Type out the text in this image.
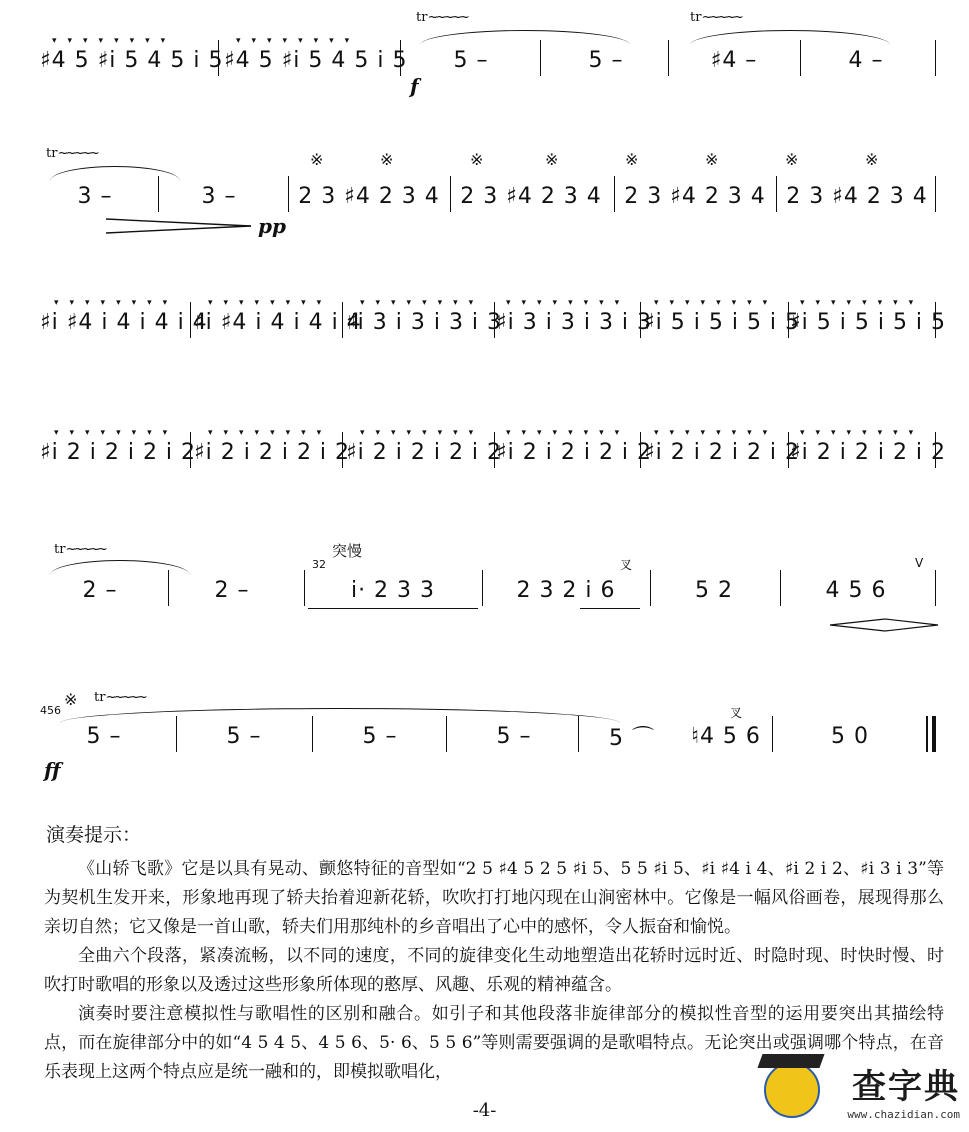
tr ~~~~~	tr ~~~~~
▾▾▾▾▾▾▾▾	▾▾▾▾▾▾▾▾
♯4 5 ♯i 5 4 5 i 5 ♯4 5 ♯i 5 4 5 i 5	5 –	5 –	♯4 –	4 –
f
tr ~~~~~	※	※	※	※	※	※	※	※
3 –	3 –	2 3 ♯4 2 3 4 2 3 ♯4 2 3 4 2 3 ♯4 2 3 4 2 3 ♯4 2 3 4
pp
▾▾▾▾▾▾▾▾	▾▾▾▾▾▾▾▾	▾▾▾▾▾▾▾▾ ▾▾▾▾▾▾▾▾	▾▾▾▾▾▾▾▾ ▾▾▾▾▾▾▾▾
♯i ♯4 i 4 i 4 i 4
♯i ♯4 i 4 i 4 i 4
♯i 3 i 3 i 3 i 3
♯i 3 i 3 i 3 i 3
♯i 5 i 5 i 5 i 5
♯i 5 i 5 i 5 i 5
▾▾▾▾▾▾▾▾	▾▾▾▾▾▾▾▾	▾▾▾▾▾▾▾▾ ▾▾▾▾▾▾▾▾	▾▾▾▾▾▾▾▾ ▾▾▾▾▾▾▾▾
♯i 2 i 2 i 2 i 2
♯i 2 i 2 i 2 i 2
♯i 2 i 2 i 2 i 2
♯i 2 i 2 i 2 i 2
♯i 2 i 2 i 2 i 2
♯i 2 i 2 i 2 i 2
tr ~~~~~	突慢
32	叉	V
2 –	2 –	i· 2 3 3	2 3 2 i 6	5 2	4 5 6
456
※ tr ~~~~~
叉
5 –	5 –	5 –	5 –	5 ⌒	♮4 5 6	5 0
ff
演奏提示：

《山轿飞歌》它是以具有晃动、颤悠特征的音型如“2 5 ♯4 5 2 5 ♯i 5、5 5 ♯i 5、♯i ♯4 i 4、♯i 2 i 2、♯i 3 i 3”等为契机生发开来，形象地再现了轿夫抬着迎新花轿，吹吹打打地闪现在山涧密林中。它像是一幅风俗画卷，展现得那么亲切自然；它又像是一首山歌，轿夫们用那纯朴的乡音唱出了心中的感怀，令人振奋和愉悦。

全曲六个段落，紧凑流畅，以不同的速度，不同的旋律变化生动地塑造出花轿时远时近、时隐时现、时快时慢、时吹打时歌唱的形象以及透过这些形象所体现的憨厚、风趣、乐观的精神蕴含。

演奏时要注意模拟性与歌唱性的区别和融合。如引子和其他段落非旋律部分的模拟性音型的运用要突出其描绘特点，而在旋律部分中的如“4 5 4 5、4 5 6、5· 6、5 5 6”等则需要强调的是歌唱特点。无论突出或强调哪个特点，在音乐表现上这两个特点应是统一融和的，即模拟歌唱化，

-4-
查字典
www.chazidian.com
